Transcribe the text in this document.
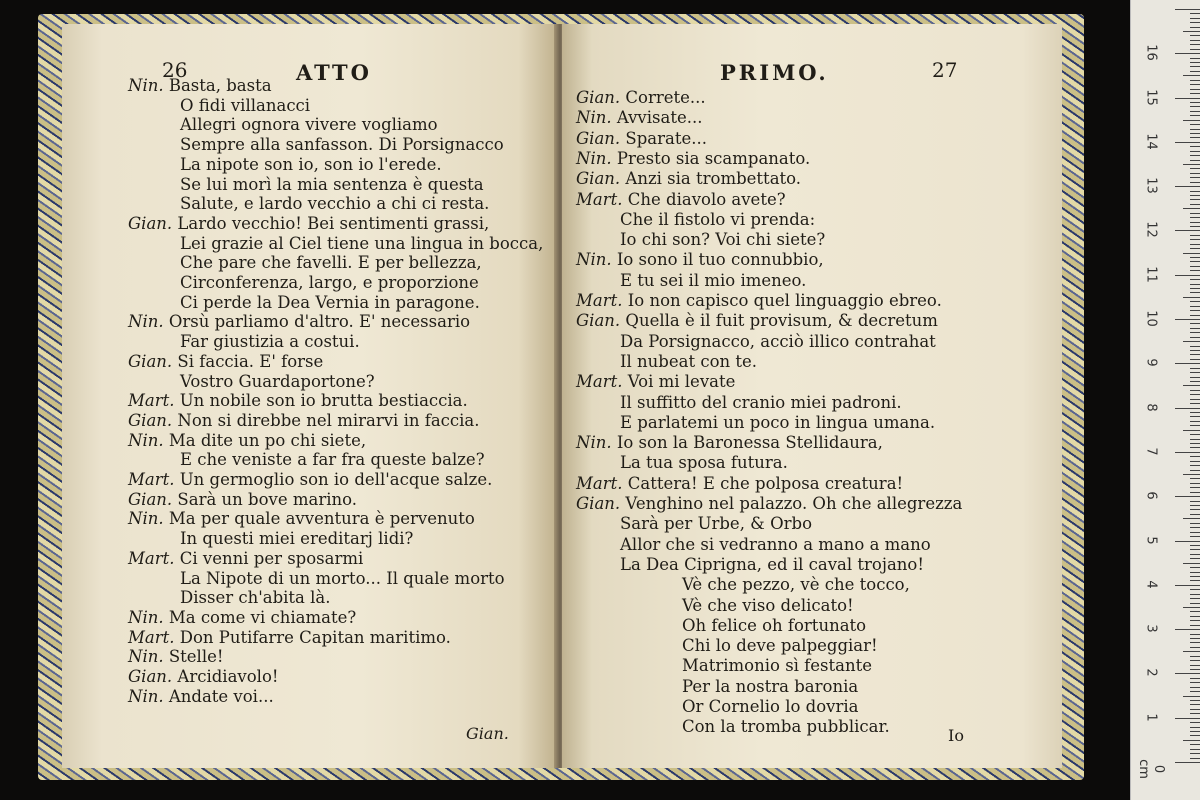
26	ATTO
Nin. Basta, basta
O fidi villanacci
Allegri ognora vivere vogliamo
Sempre alla sanfasson. Di Porsignacco
La nipote son io, son io l'erede.
Se lui morì la mia sentenza è questa
Salute, e lardo vecchio a chi ci resta.
Gian. Lardo vecchio! Bei sentimenti grassi,
Lei grazie al Ciel tiene una lingua in bocca,
Che pare che favelli. E per bellezza,
Circonferenza, largo, e proporzione
Ci perde la Dea Vernia in paragone.
Nin. Orsù parliamo d'altro. E' necessario
Far giustizia a costui.
Gian. Si faccia. E' forse
Vostro Guardaportone?
Mart. Un nobile son io brutta bestiaccia.
Gian. Non si direbbe nel mirarvi in faccia.
Nin. Ma dite un po chi siete,
E che veniste a far fra queste balze?
Mart. Un germoglio son io dell'acque salze.
Gian. Sarà un bove marino.
Nin. Ma per quale avventura è pervenuto
In questi miei ereditarj lidi?
Mart. Ci venni per sposarmi
La Nipote di un morto... Il quale morto
Disser ch'abita là.
Nin. Ma come vi chiamate?
Mart. Don Putifarre Capitan maritimo.
Nin. Stelle!
Gian. Arcidiavolo!
Nin. Andate voi...
Gian.
PRIMO.	27
Gian. Correte...
Nin. Avvisate...
Gian. Sparate...
Nin. Presto sia scampanato.
Gian. Anzi sia trombettato.
Mart. Che diavolo avete?
Che il fistolo vi prenda:
Io chi son? Voi chi siete?
Nin. Io sono il tuo connubbio,
E tu sei il mio imeneo.
Mart. Io non capisco quel linguaggio ebreo.
Gian. Quella è il fuit provisum, & decretum
Da Porsignacco, acciò illico contrahat
Il nubeat con te.
Mart. Voi mi levate
Il suffitto del cranio miei padroni.
E parlatemi un poco in lingua umana.
Nin. Io son la Baronessa Stellidaura,
La tua sposa futura.
Mart. Cattera! E che polposa creatura!
Gian. Venghino nel palazzo. Oh che allegrezza
Sarà per Urbe, & Orbo
Allor che si vedranno a mano a mano
La Dea Ciprigna, ed il caval trojano!
Vè che pezzo, vè che tocco,
Vè che viso delicato!
Oh felice oh fortunato
Chi lo deve palpeggiar!
Matrimonio sì festante
Per la nostra baronia
Or Cornelio lo dovria
Con la tromba pubblicar.	Io
16
15
14
13
12
11
10
9
8
7
6
5
4
3
2
1
0 cm
